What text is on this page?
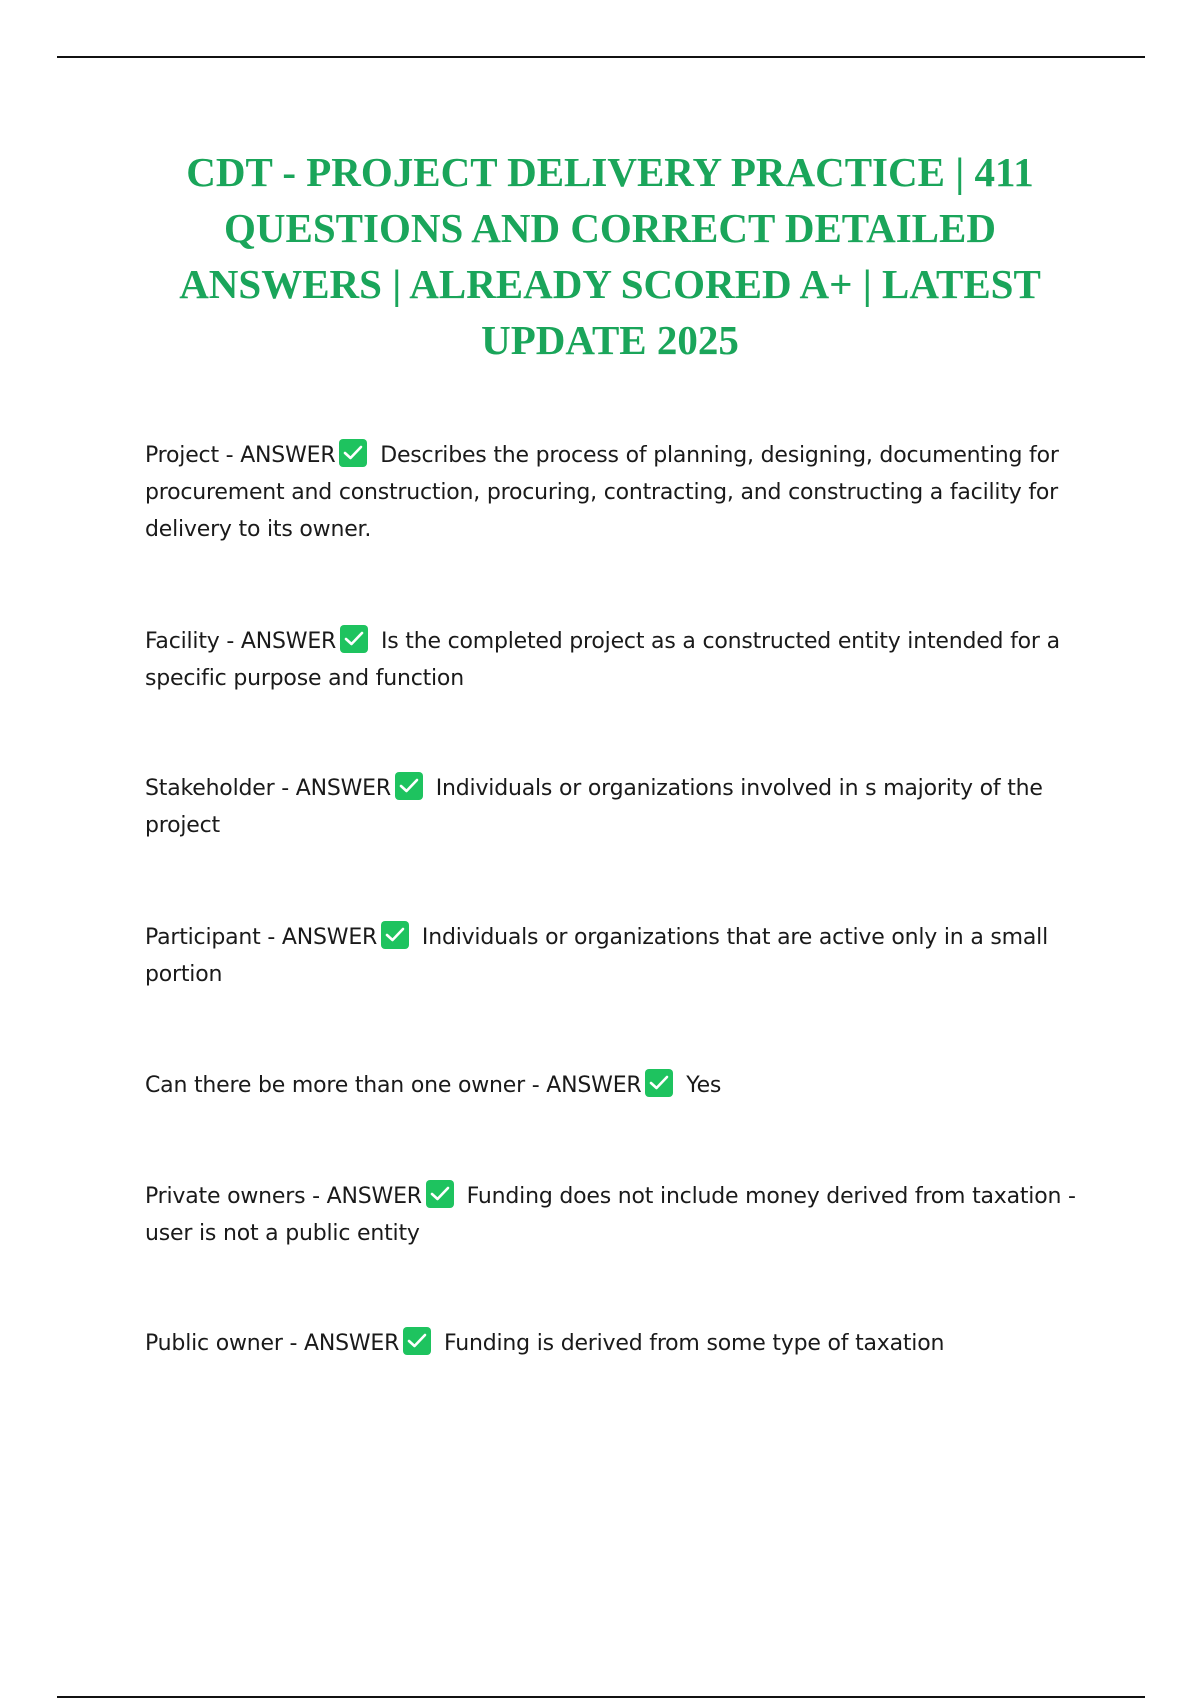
CDT - PROJECT DELIVERY PRACTICE | 411 QUESTIONS AND CORRECT DETAILED ANSWERS | ALREADY SCORED A+ | LATEST UPDATE 2025

Project - ANSWER Describes the process of planning, designing, documenting for procurement and construction, procuring, contracting, and constructing a facility for delivery to its owner.

Facility - ANSWER Is the completed project as a constructed entity intended for a specific purpose and function

Stakeholder - ANSWER Individuals or organizations involved in s majority of the project

Participant - ANSWER Individuals or organizations that are active only in a small portion

Can there be more than one owner - ANSWER Yes

Private owners - ANSWER Funding does not include money derived from taxation - user is not a public entity

Public owner - ANSWER Funding is derived from some type of taxation
